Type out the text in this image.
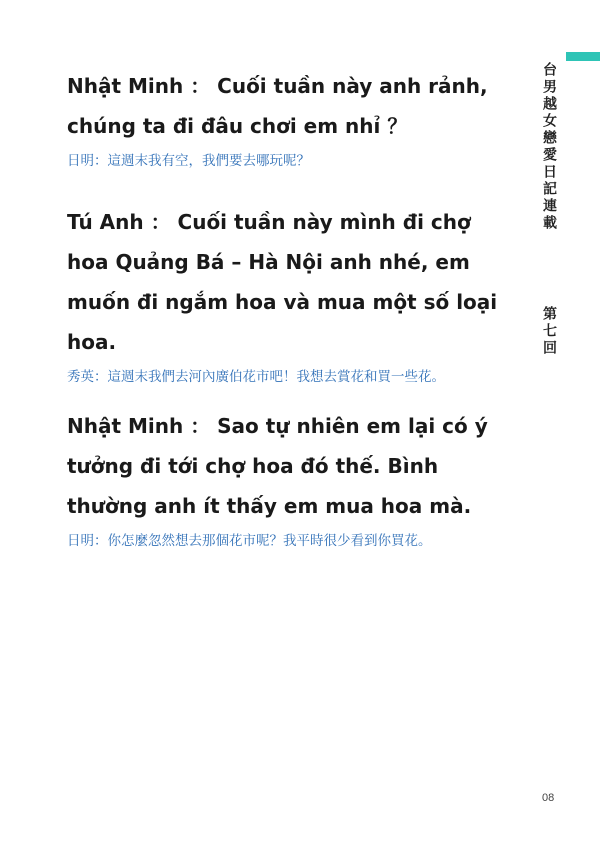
台男越女戀愛日記連載
第七回

Nhật Minh ： Cuối tuần này anh rảnh, chúng ta đi đâu chơi em nhỉ ？

日明：這週末我有空，我們要去哪玩呢？

Tú Anh ： Cuối tuần này mình đi chợ hoa Quảng Bá – Hà Nội anh nhé, em muốn đi ngắm hoa và mua một số loại hoa.

秀英：這週末我們去河內廣伯花市吧！我想去賞花和買一些花。

Nhật Minh ： Sao tự nhiên em lại có ý tưởng đi tới chợ hoa đó thế. Bình thường anh ít thấy em mua hoa mà.

日明：你怎麼忽然想去那個花市呢？我平時很少看到你買花。

08
